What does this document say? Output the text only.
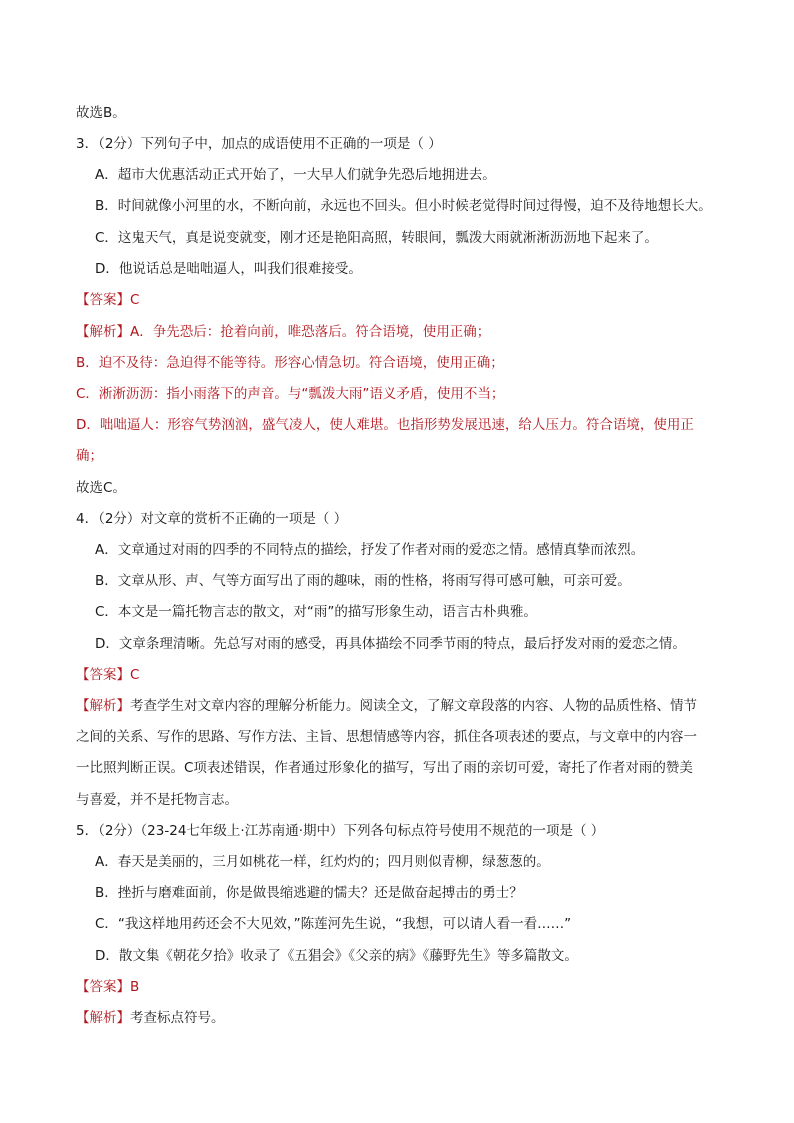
故选B。
3．（2分）下列句子中，加点的成语使用不正确的一项是（ ）
A．超市大优惠活动正式开始了，一大早人们就争先恐后地拥进去。
B．时间就像小河里的水，不断向前，永远也不回头。但小时候老觉得时间过得慢，迫不及待地想长大。
C．这鬼天气，真是说变就变，刚才还是艳阳高照，转眼间，瓢泼大雨就淅淅沥沥地下起来了。
D．他说话总是咄咄逼人，叫我们很难接受。
【答案】C
【解析】A．争先恐后：抢着向前，唯恐落后。符合语境，使用正确；
B．迫不及待：急迫得不能等待。形容心情急切。符合语境，使用正确；
C．淅淅沥沥：指小雨落下的声音。与“瓢泼大雨”语义矛盾，使用不当；
D．咄咄逼人：形容气势汹汹，盛气凌人，使人难堪。也指形势发展迅速，给人压力。符合语境，使用正
确；
故选C。
4．（2分）对文章的赏析不正确的一项是（ ）
A．文章通过对雨的四季的不同特点的描绘，抒发了作者对雨的爱恋之情。感情真挚而浓烈。
B．文章从形、声、气等方面写出了雨的趣味，雨的性格，将雨写得可感可触，可亲可爱。
C．本文是一篇托物言志的散文，对“雨”的描写形象生动，语言古朴典雅。
D．文章条理清晰。先总写对雨的感受，再具体描绘不同季节雨的特点，最后抒发对雨的爱恋之情。
【答案】C
【解析】考查学生对文章内容的理解分析能力。阅读全文，了解文章段落的内容、人物的品质性格、情节
之间的关系、写作的思路、写作方法、主旨、思想情感等内容，抓住各项表述的要点，与文章中的内容一
一比照判断正误。C项表述错误，作者通过形象化的描写，写出了雨的亲切可爱，寄托了作者对雨的赞美
与喜爱，并不是托物言志。
5．（2分）（23-24七年级上·江苏南通·期中）下列各句标点符号使用不规范的一项是（ ）
A．春天是美丽的，三月如桃花一样，红灼灼的；四月则似青柳，绿葱葱的。
B．挫折与磨难面前，你是做畏缩逃避的懦夫？还是做奋起搏击的勇士？
C．“我这样地用药还会不大见效，”陈莲河先生说，“我想，可以请人看一看……”
D．散文集《朝花夕拾》收录了《五猖会》《父亲的病》《藤野先生》等多篇散文。
【答案】B
【解析】考查标点符号。
